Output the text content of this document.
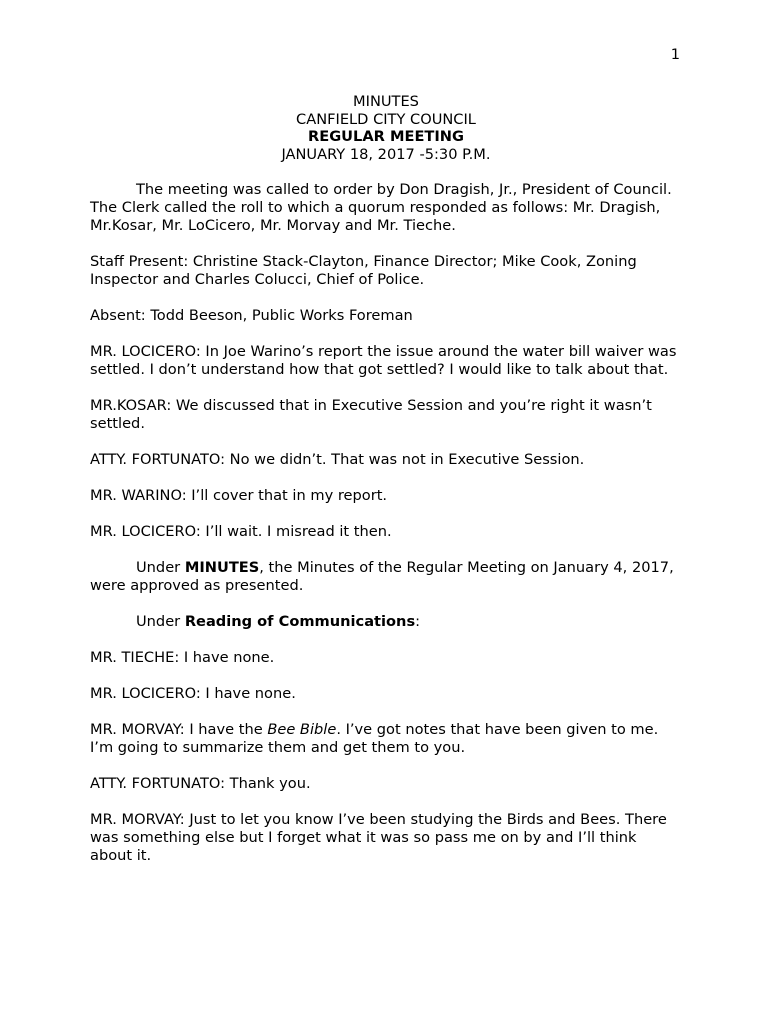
1
MINUTES
CANFIELD CITY COUNCIL
REGULAR MEETING
JANUARY 18, 2017 -5:30 P.M.

The meeting was called to order by Don Dragish, Jr., President of Council. The Clerk called the roll to which a quorum responded as follows: Mr. Dragish, Mr.Kosar, Mr. LoCicero, Mr. Morvay and Mr. Tieche.

Staff Present: Christine Stack-Clayton, Finance Director; Mike Cook, Zoning Inspector and Charles Colucci, Chief of Police.

Absent: Todd Beeson, Public Works Foreman

MR. LOCICERO: In Joe Warino’s report the issue around the water bill waiver was settled. I don’t understand how that got settled? I would like to talk about that.

MR.KOSAR: We discussed that in Executive Session and you’re right it wasn’t settled.

ATTY. FORTUNATO: No we didn’t. That was not in Executive Session.

MR. WARINO: I’ll cover that in my report.

MR. LOCICERO: I’ll wait. I misread it then.

Under MINUTES, the Minutes of the Regular Meeting on January 4, 2017, were approved as presented.

Under Reading of Communications:

MR. TIECHE: I have none.

MR. LOCICERO: I have none.

MR. MORVAY: I have the Bee Bible. I’ve got notes that have been given to me. I’m going to summarize them and get them to you.

ATTY. FORTUNATO: Thank you.

MR. MORVAY: Just to let you know I’ve been studying the Birds and Bees. There was something else but I forget what it was so pass me on by and I’ll think about it.
